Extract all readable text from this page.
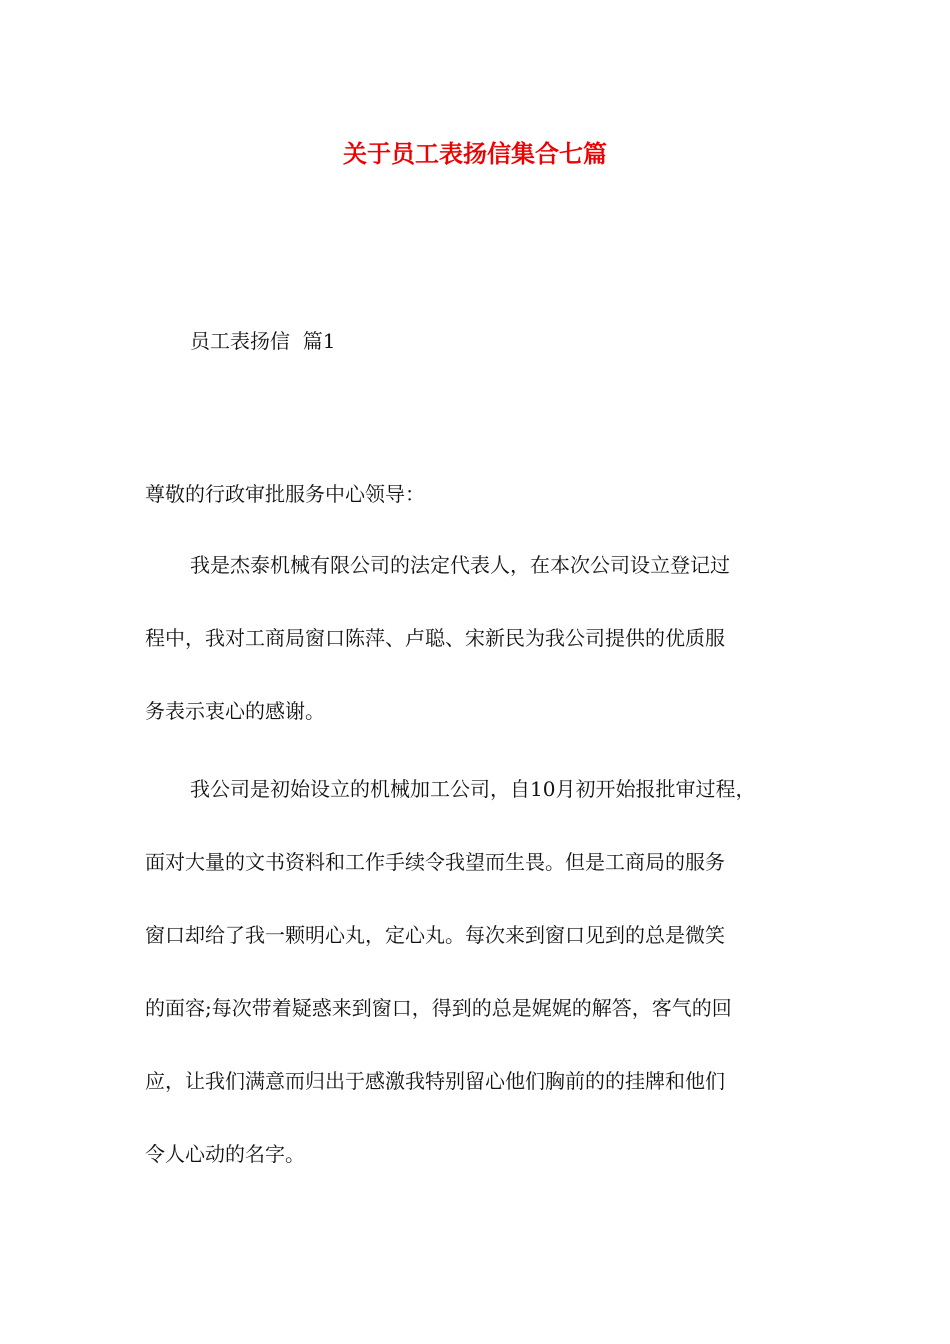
关于员工表扬信集合七篇
员工表扬信  篇1
尊敬的行政审批服务中心领导：
我是杰泰机械有限公司的法定代表人，在本次公司设立登记过
程中，我对工商局窗口陈萍、卢聪、宋新民为我公司提供的优质服
务表示衷心的感谢。
我公司是初始设立的机械加工公司，自10月初开始报批审过程，
面对大量的文书资料和工作手续令我望而生畏。但是工商局的服务
窗口却给了我一颗明心丸，定心丸。每次来到窗口见到的总是微笑
的面容;每次带着疑惑来到窗口，得到的总是娓娓的解答，客气的回
应，让我们满意而归出于感激我特别留心他们胸前的的挂牌和他们
令人心动的名字。
